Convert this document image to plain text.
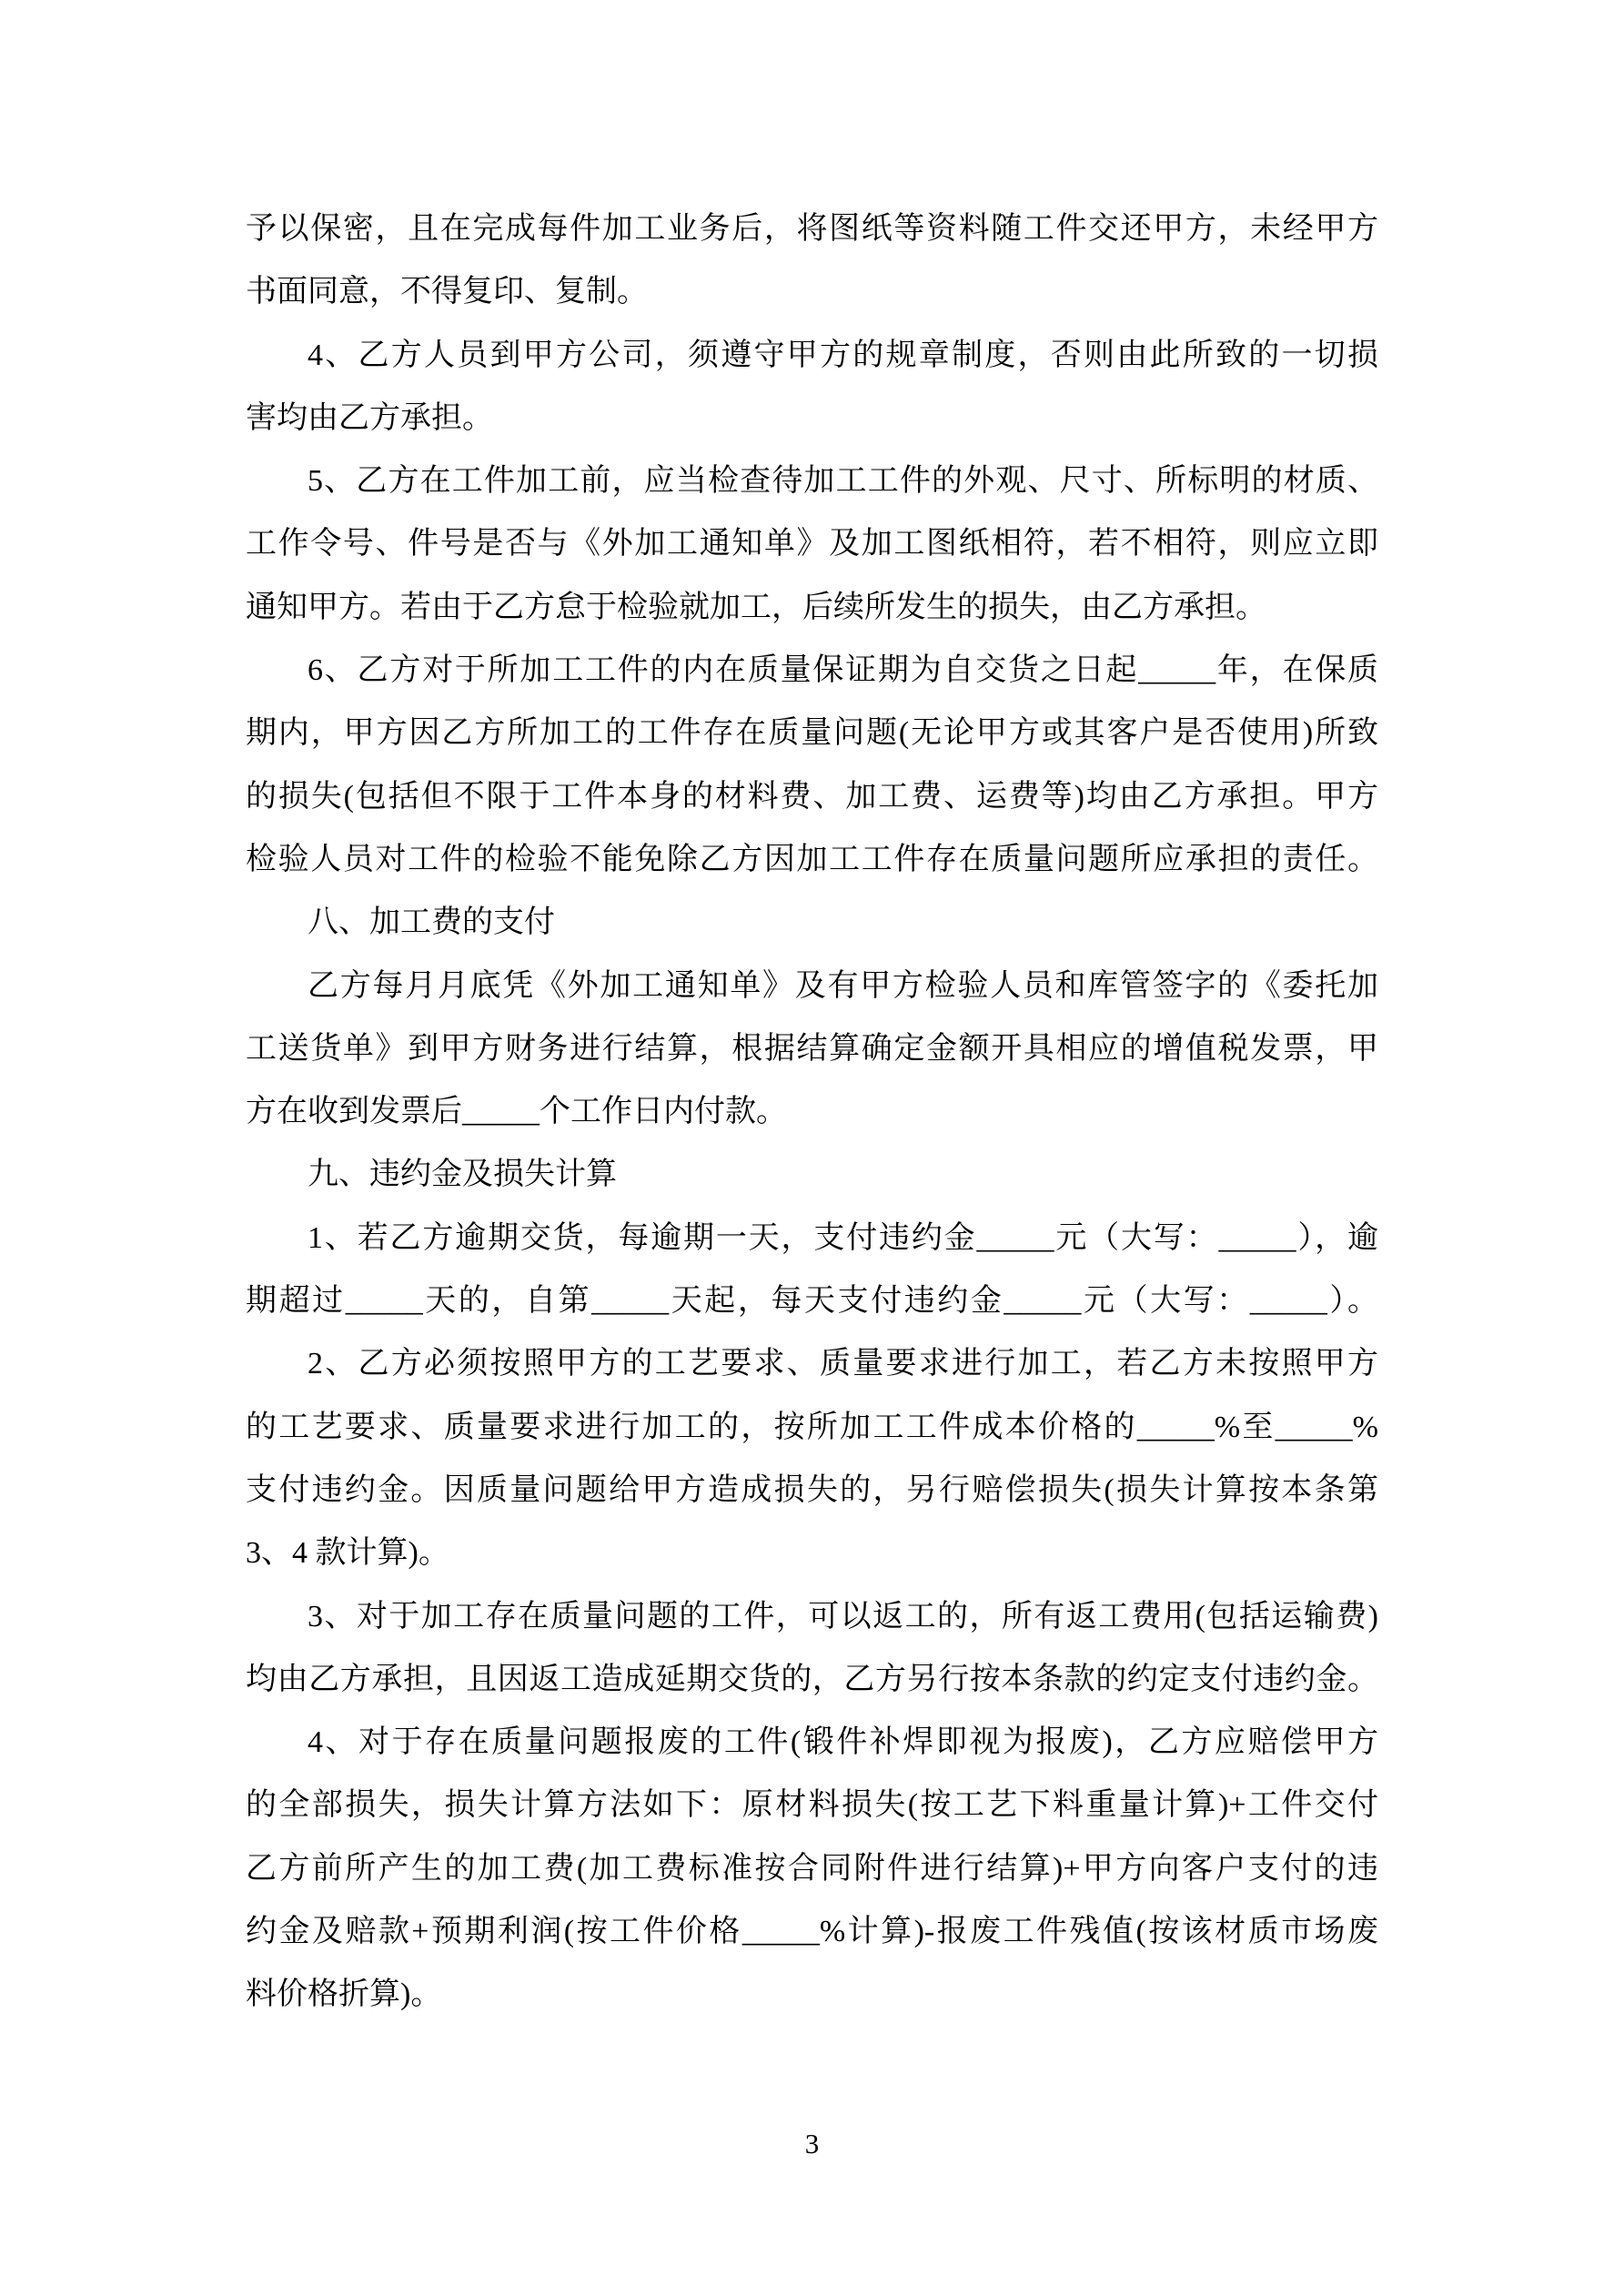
予以保密，且在完成每件加工业务后，将图纸等资料随工件交还甲方，未经甲方
书面同意，不得复印、复制。
4、乙方人员到甲方公司，须遵守甲方的规章制度，否则由此所致的一切损
害均由乙方承担。
5、乙方在工件加工前，应当检查待加工工件的外观、尺寸、所标明的材质、
工作令号、件号是否与《外加工通知单》及加工图纸相符，若不相符，则应立即
通知甲方。若由于乙方怠于检验就加工，后续所发生的损失，由乙方承担。
6、乙方对于所加工工件的内在质量保证期为自交货之日起_____年，在保质
期内，甲方因乙方所加工的工件存在质量问题(无论甲方或其客户是否使用)所致
的损失(包括但不限于工件本身的材料费、加工费、运费等)均由乙方承担。甲方
检验人员对工件的检验不能免除乙方因加工工件存在质量问题所应承担的责任。
八、加工费的支付
乙方每月月底凭《外加工通知单》及有甲方检验人员和库管签字的《委托加
工送货单》到甲方财务进行结算，根据结算确定金额开具相应的增值税发票，甲
方在收到发票后_____个工作日内付款。
九、违约金及损失计算
1、若乙方逾期交货，每逾期一天，支付违约金_____元（大写：_____），逾
期超过_____天的，自第_____天起，每天支付违约金_____元（大写：_____）。
2、乙方必须按照甲方的工艺要求、质量要求进行加工，若乙方未按照甲方
的工艺要求、质量要求进行加工的，按所加工工件成本价格的_____%至_____%
支付违约金。因质量问题给甲方造成损失的，另行赔偿损失(损失计算按本条第
3、4 款计算)。
3、对于加工存在质量问题的工件，可以返工的，所有返工费用(包括运输费)
均由乙方承担，且因返工造成延期交货的，乙方另行按本条款的约定支付违约金。
4、对于存在质量问题报废的工件(锻件补焊即视为报废)，乙方应赔偿甲方
的全部损失，损失计算方法如下：原材料损失(按工艺下料重量计算)+工件交付
乙方前所产生的加工费(加工费标准按合同附件进行结算)+甲方向客户支付的违
约金及赔款+预期利润(按工件价格_____%计算)-报废工件残值(按该材质市场废
料价格折算)。
3
